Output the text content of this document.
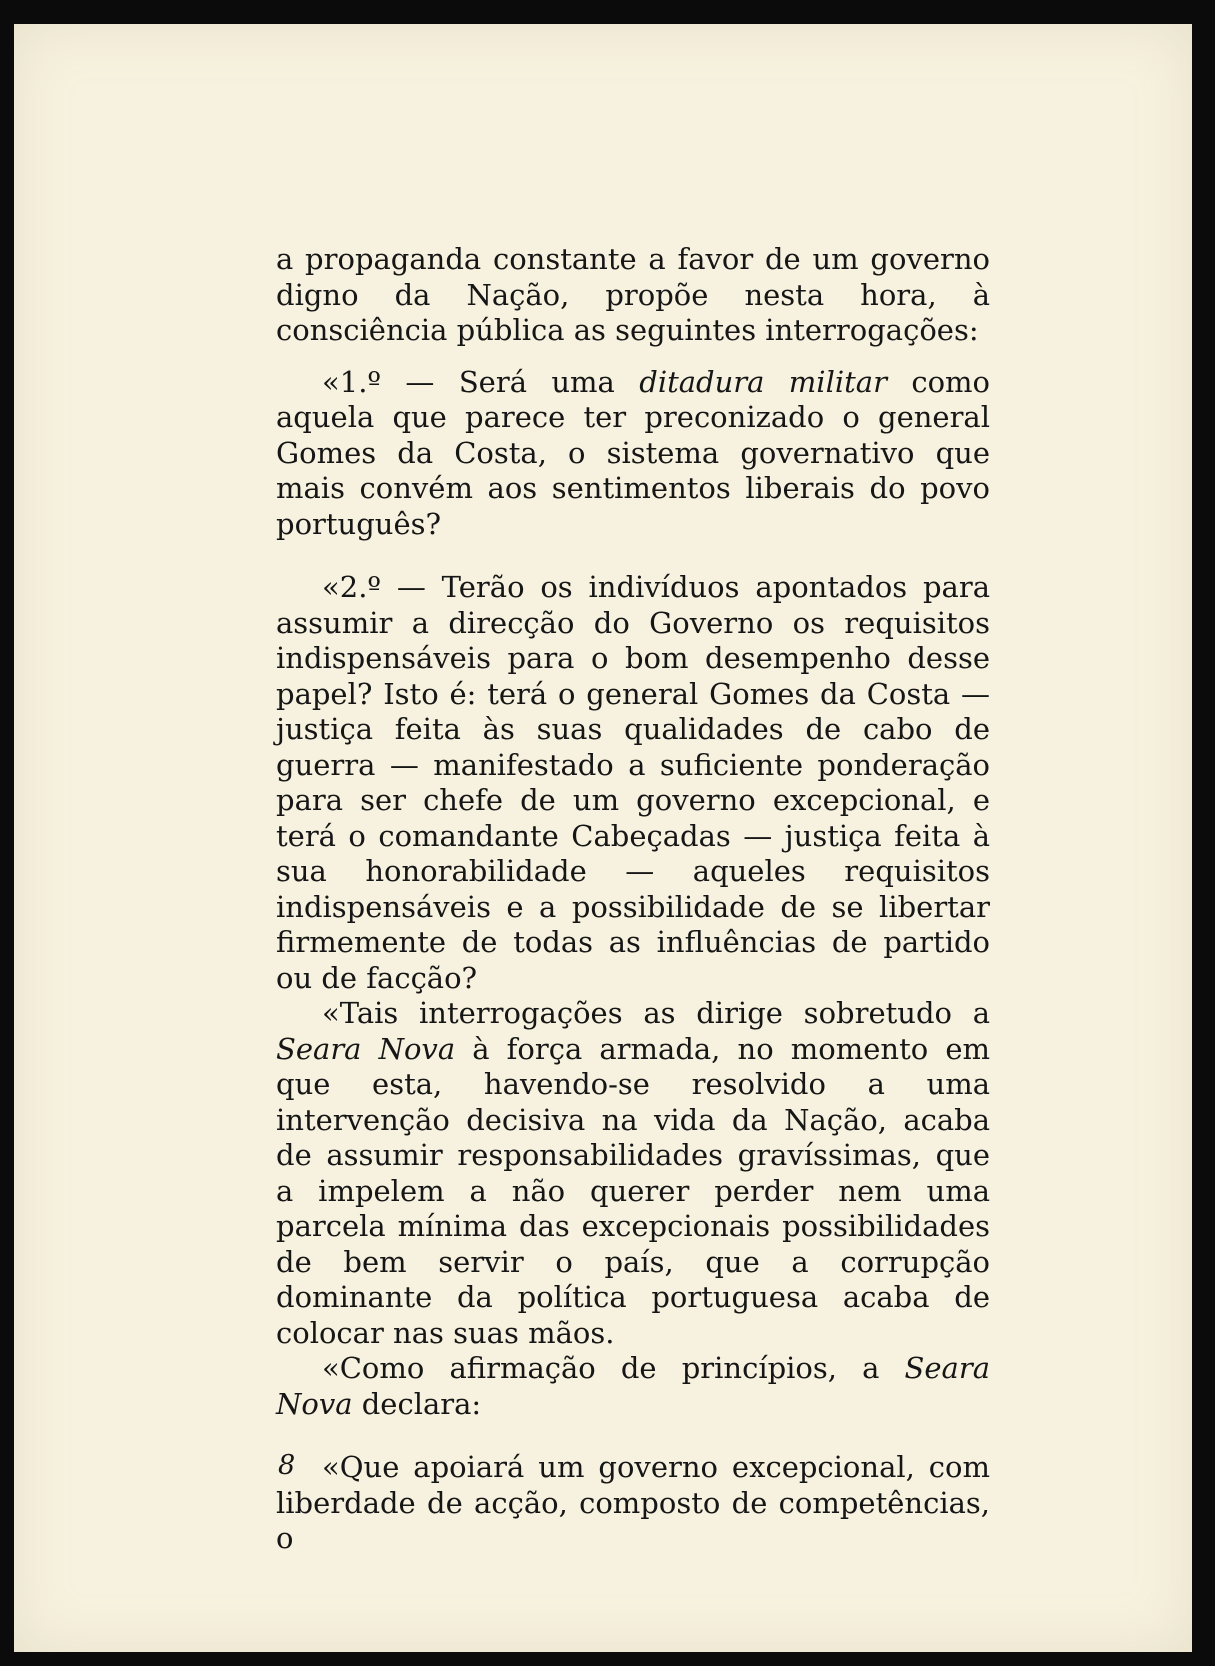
a propaganda constante a favor de um governo digno da Nação, propõe nesta hora, à consciência pública as seguintes interrogações:

«1.º — Será uma ditadura militar como aquela que parece ter preconizado o general Gomes da Costa, o sistema governativo que mais convém aos sentimentos liberais do povo português?

«2.º — Terão os indivíduos apontados para assumir a direcção do Governo os requisitos indispensáveis para o bom desempenho desse papel? Isto é: terá o general Gomes da Costa — justiça feita às suas qualidades de cabo de guerra — manifestado a suficiente ponderação para ser chefe de um governo excepcional, e terá o comandante Cabeçadas — justiça feita à sua honorabilidade — aqueles requisitos indispensáveis e a possibilidade de se libertar firmemente de todas as influências de partido ou de facção?

«Tais interrogações as dirige sobretudo a Seara Nova à força armada, no momento em que esta, havendo-se resolvido a uma intervenção decisiva na vida da Nação, acaba de assumir responsabilidades gravíssimas, que a impelem a não querer perder nem uma parcela mínima das excepcionais possibilidades de bem servir o país, que a corrupção dominante da política portuguesa acaba de colocar nas suas mãos.

«Como afirmação de princípios, a Seara Nova declara:

«Que apoiará um governo excepcional, com liberdade de acção, composto de competências, o

8
